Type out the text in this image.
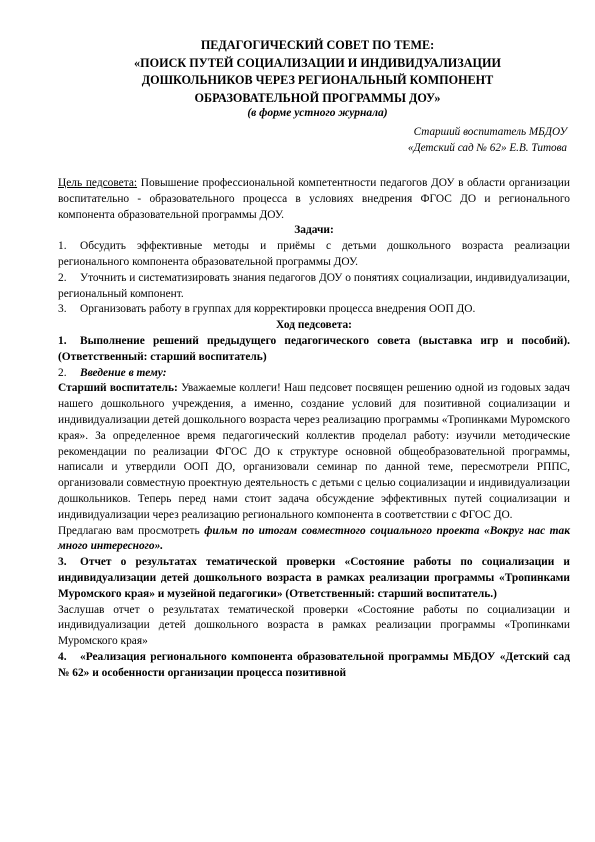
ПЕДАГОГИЧЕСКИЙ СОВЕТ ПО ТЕМЕ:
«ПОИСК ПУТЕЙ СОЦИАЛИЗАЦИИ И ИНДИВИДУАЛИЗАЦИИ
ДОШКОЛЬНИКОВ ЧЕРЕЗ РЕГИОНАЛЬНЫЙ КОМПОНЕНТ
ОБРАЗОВАТЕЛЬНОЙ ПРОГРАММЫ ДОУ»
(в форме устного журнала)
Старший воспитатель МБДОУ
«Детский сад № 62» Е.В. Титова

Цель педсовета: Повышение профессиональной компетентности педагогов ДОУ в области организации воспитательно - образовательного процесса в условиях внедрения ФГОС ДО и регионального компонента образовательной программы ДОУ.

Задачи:

1. Обсудить эффективные методы и приёмы с детьми дошкольного возраста реализации регионального компонента образовательной программы ДОУ.

2. Уточнить и систематизировать знания педагогов ДОУ о понятиях социализации, индивидуализации, региональный компонент.

3. Организовать работу в группах для корректировки процесса внедрения ООП ДО.

Ход педсовета:

1. Выполнение решений предыдущего педагогического совета (выставка игр и пособий). (Ответственный: старший воспитатель)

2. Введение в тему:

Старший воспитатель: Уважаемые коллеги! Наш педсовет посвящен решению одной из годовых задач нашего дошкольного учреждения, а именно, создание условий для позитивной социализации и индивидуализации детей дошкольного возраста через реализацию программы «Тропинками Муромского края». За определенное время педагогический коллектив проделал работу: изучили методические рекомендации по реализации ФГОС ДО к структуре основной общеобразовательной программы, написали и утвердили ООП ДО, организовали семинар по данной теме, пересмотрели РППС, организовали совместную проектную деятельность с детьми с целью социализации и индивидуализации дошкольников. Теперь перед нами стоит задача обсуждение эффективных путей социализации и индивидуализации через реализацию регионального компонента в соответствии с ФГОС ДО.

Предлагаю вам просмотреть фильм по итогам совместного социального проекта «Вокруг нас так много интересного».

3. Отчет о результатах тематической проверки «Состояние работы по социализации и индивидуализации детей дошкольного возраста в рамках реализации программы «Тропинками Муромского края» и музейной педагогики» (Ответственный: старший воспитатель.)

Заслушав отчет о результатах тематической проверки «Состояние работы по социализации и индивидуализации детей дошкольного возраста в рамках реализации программы «Тропинками Муромского края»

4. «Реализация регионального компонента образовательной программы МБДОУ «Детский сад № 62» и особенности организации процесса позитивной
